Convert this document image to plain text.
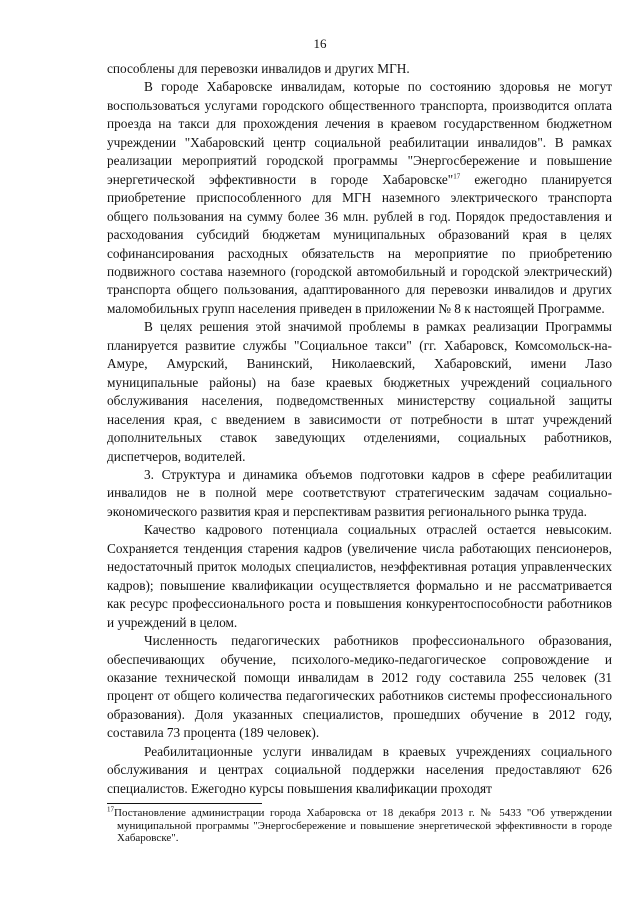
16

способлены для перевозки инвалидов и других МГН.

В городе Хабаровске инвалидам, которые по состоянию здоровья не могут воспользоваться услугами городского общественного транспорта, производится оплата проезда на такси для прохождения лечения в краевом государственном бюджетном учреждении "Хабаровский центр социальной реабилитации инвалидов". В рамках реализации мероприятий городской программы "Энергосбережение и повышение энергетической эффективности в городе Хабаровске"$^{17}$ ежегодно планируется приобретение приспособленного для МГН наземного электрического транспорта общего пользования на сумму более 36 млн. рублей в год. Порядок предоставления и расходования субсидий бюджетам муниципальных образований края в целях софинансирования расходных обязательств на мероприятие по приобретению подвижного состава наземного (городской автомобильный и городской электрический) транспорта общего пользования, адаптированного для перевозки инвалидов и других маломобильных групп населения приведен в приложении № 8 к настоящей Программе.

В целях решения этой значимой проблемы в рамках реализации Программы планируется развитие службы "Социальное такси" (гг. Хабаровск, Комсомольск-на-Амуре, Амурский, Ванинский, Николаевский, Хабаровский, имени Лазо муниципальные районы) на базе краевых бюджетных учреждений социального обслуживания населения, подведомственных министерству социальной защиты населения края, с введением в зависимости от потребности в штат учреждений дополнительных ставок заведующих отделениями, социальных работников, диспетчеров, водителей.

3. Структура и динамика объемов подготовки кадров в сфере реабилитации инвалидов не в полной мере соответствуют стратегическим задачам социально-экономического развития края и перспективам развития регионального рынка труда.

Качество кадрового потенциала социальных отраслей остается невысоким. Сохраняется тенденция старения кадров (увеличение числа работающих пенсионеров, недостаточный приток молодых специалистов, неэффективная ротация управленческих кадров); повышение квалификации осуществляется формально и не рассматривается как ресурс профессионального роста и повышения конкурентоспособности работников и учреждений в целом.

Численность педагогических работников профессионального образования, обеспечивающих обучение, психолого-медико-педагогическое сопровождение и оказание технической помощи инвалидам в 2012 году составила 255 человек (31 процент от общего количества педагогических работников системы профессионального образования). Доля указанных специалистов, прошедших обучение в 2012 году, составила 73 процента (189 человек).

Реабилитационные услуги инвалидам в краевых учреждениях социального обслуживания и центрах социальной поддержки населения предоставляют 626 специалистов. Ежегодно курсы повышения квалификации проходят

$^{17}$Постановление администрации города Хабаровска от 18 декабря 2013 г. № 5433 "Об утверждении муниципальной программы "Энергосбережение и повышение энергетической эффективности в городе Хабаровске".
